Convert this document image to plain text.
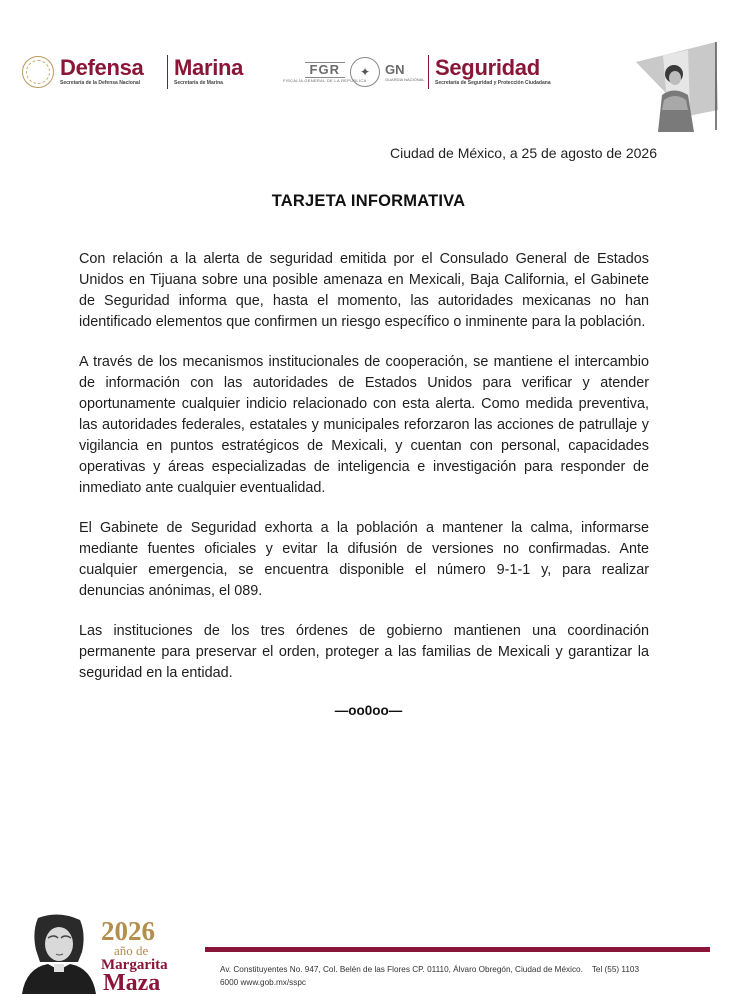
Defensa
Secretaría de la Defensa Nacional
Marina
Secretaría de Marina
FGR
FISCALÍA GENERAL DE LA REPÚBLICA
✦ GN
GUARDIA NACIONAL Seguridad
Secretaría de Seguridad y Protección Ciudadana
Ciudad de México, a 25 de agosto de 2026
TARJETA INFORMATIVA

Con relación a la alerta de seguridad emitida por el Consulado General de Estados Unidos en Tijuana sobre una posible amenaza en Mexicali, Baja California, el Gabinete de Seguridad informa que, hasta el momento, las autoridades mexicanas no han identificado elementos que confirmen un riesgo específico o inminente para la población.

A través de los mecanismos institucionales de cooperación, se mantiene el intercambio de información con las autoridades de Estados Unidos para verificar y atender oportunamente cualquier indicio relacionado con esta alerta. Como medida preventiva, las autoridades federales, estatales y municipales reforzaron las acciones de patrullaje y vigilancia en puntos estratégicos de Mexicali, y cuentan con personal, capacidades operativas y áreas especializadas de inteligencia e investigación para responder de inmediato ante cualquier eventualidad.

El Gabinete de Seguridad exhorta a la población a mantener la calma, informarse mediante fuentes oficiales y evitar la difusión de versiones no confirmadas. Ante cualquier emergencia, se encuentra disponible el número 9-1-1 y, para realizar denuncias anónimas, el 089.

Las instituciones de los tres órdenes de gobierno mantienen una coordinación permanente para preservar el orden, proteger a las familias de Mexicali y garantizar la seguridad en la entidad.

—oo0oo—
2026
año de
Margarita
Maza
Av. Constituyentes No. 947, Col. Belén de las Flores CP. 01110, Álvaro Obregón, Ciudad de México.    Tel (55) 1103
6000 www.gob.mx/sspc
